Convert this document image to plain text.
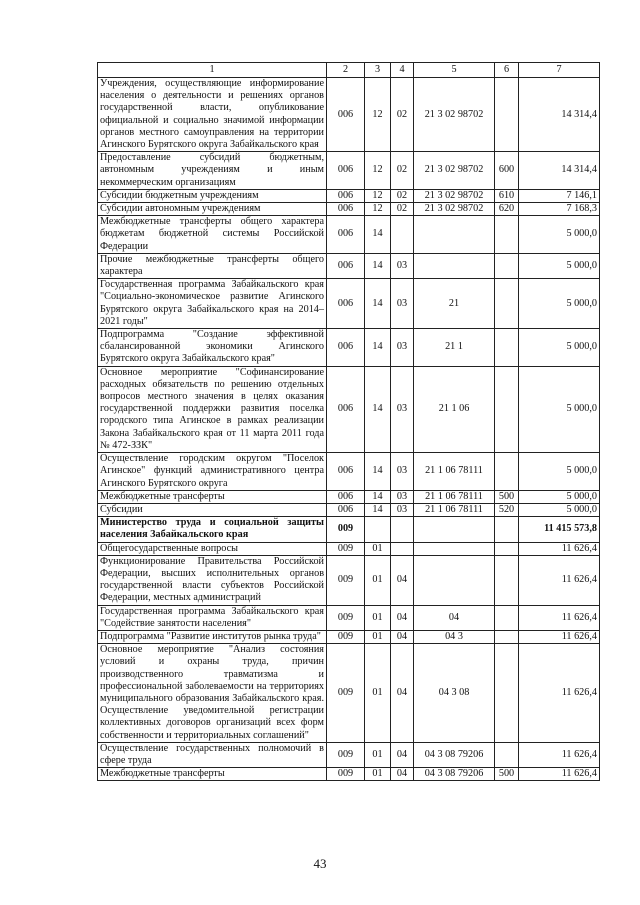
1	2	3	4	5	6	7
Учреждения, осуществляющие информирование населения о деятельности и решениях органов государственной власти, опубликование официальной и социально значимой информации органов местного самоуправления на территории Агинского Бурятского округа Забайкальского края	006	12	02	21 3 02 98702		14 314,4
Предоставление субсидий бюджетным, автономным учреждениям и иным некоммерческим организациям	006	12	02	21 3 02 98702	600	14 314,4
Субсидии бюджетным учреждениям	006	12	02	21 3 02 98702	610	7 146,1
Субсидии автономным учреждениям	006	12	02	21 3 02 98702	620	7 168,3
Межбюджетные трансферты общего характера бюджетам бюджетной системы Российской Федерации	006	14				5 000,0
Прочие межбюджетные трансферты общего характера	006	14	03			5 000,0
Государственная программа Забайкальского края "Социально-экономическое развитие Агинского Бурятского округа Забайкальского края на 2014–2021 годы"	006	14	03	21		5 000,0
Подпрограмма "Создание эффективной сбалансированной экономики Агинского Бурятского округа Забайкальского края"	006	14	03	21 1		5 000,0
Основное мероприятие "Софинансирование расходных обязательств по решению отдельных вопросов местного значения в целях оказания государственной поддержки развития поселка городского типа Агинское в рамках реализации Закона Забайкальского края от 11 марта 2011 года № 472-ЗЗК"	006	14	03	21 1 06		5 000,0
Осуществление городским округом "Поселок Агинское" функций административного центра Агинского Бурятского округа	006	14	03	21 1 06 78111		5 000,0
Межбюджетные трансферты	006	14	03	21 1 06 78111	500	5 000,0
Субсидии	006	14	03	21 1 06 78111	520	5 000,0
Министерство труда и социальной защиты населения Забайкальского края	009					11 415 573,8
Общегосударственные вопросы	009	01				11 626,4
Функционирование Правительства Российской Федерации, высших исполнительных органов государственной власти субъектов Российской Федерации, местных администраций	009	01	04			11 626,4
Государственная программа Забайкальского края "Содействие занятости населения"	009	01	04	04		11 626,4
Подпрограмма "Развитие институтов рынка труда"	009	01	04	04 3		11 626,4
Основное мероприятие "Анализ состояния условий и охраны труда, причин производственного травматизма и профессиональной заболеваемости на территориях муниципального образования Забайкальского края. Осуществление уведомительной регистрации коллективных договоров организаций всех форм собственности и территориальных соглашений"	009	01	04	04 3 08		11 626,4
Осуществление государственных полномочий в сфере труда	009	01	04	04 3 08 79206		11 626,4
Межбюджетные трансферты	009	01	04	04 3 08 79206	500	11 626,4
43
